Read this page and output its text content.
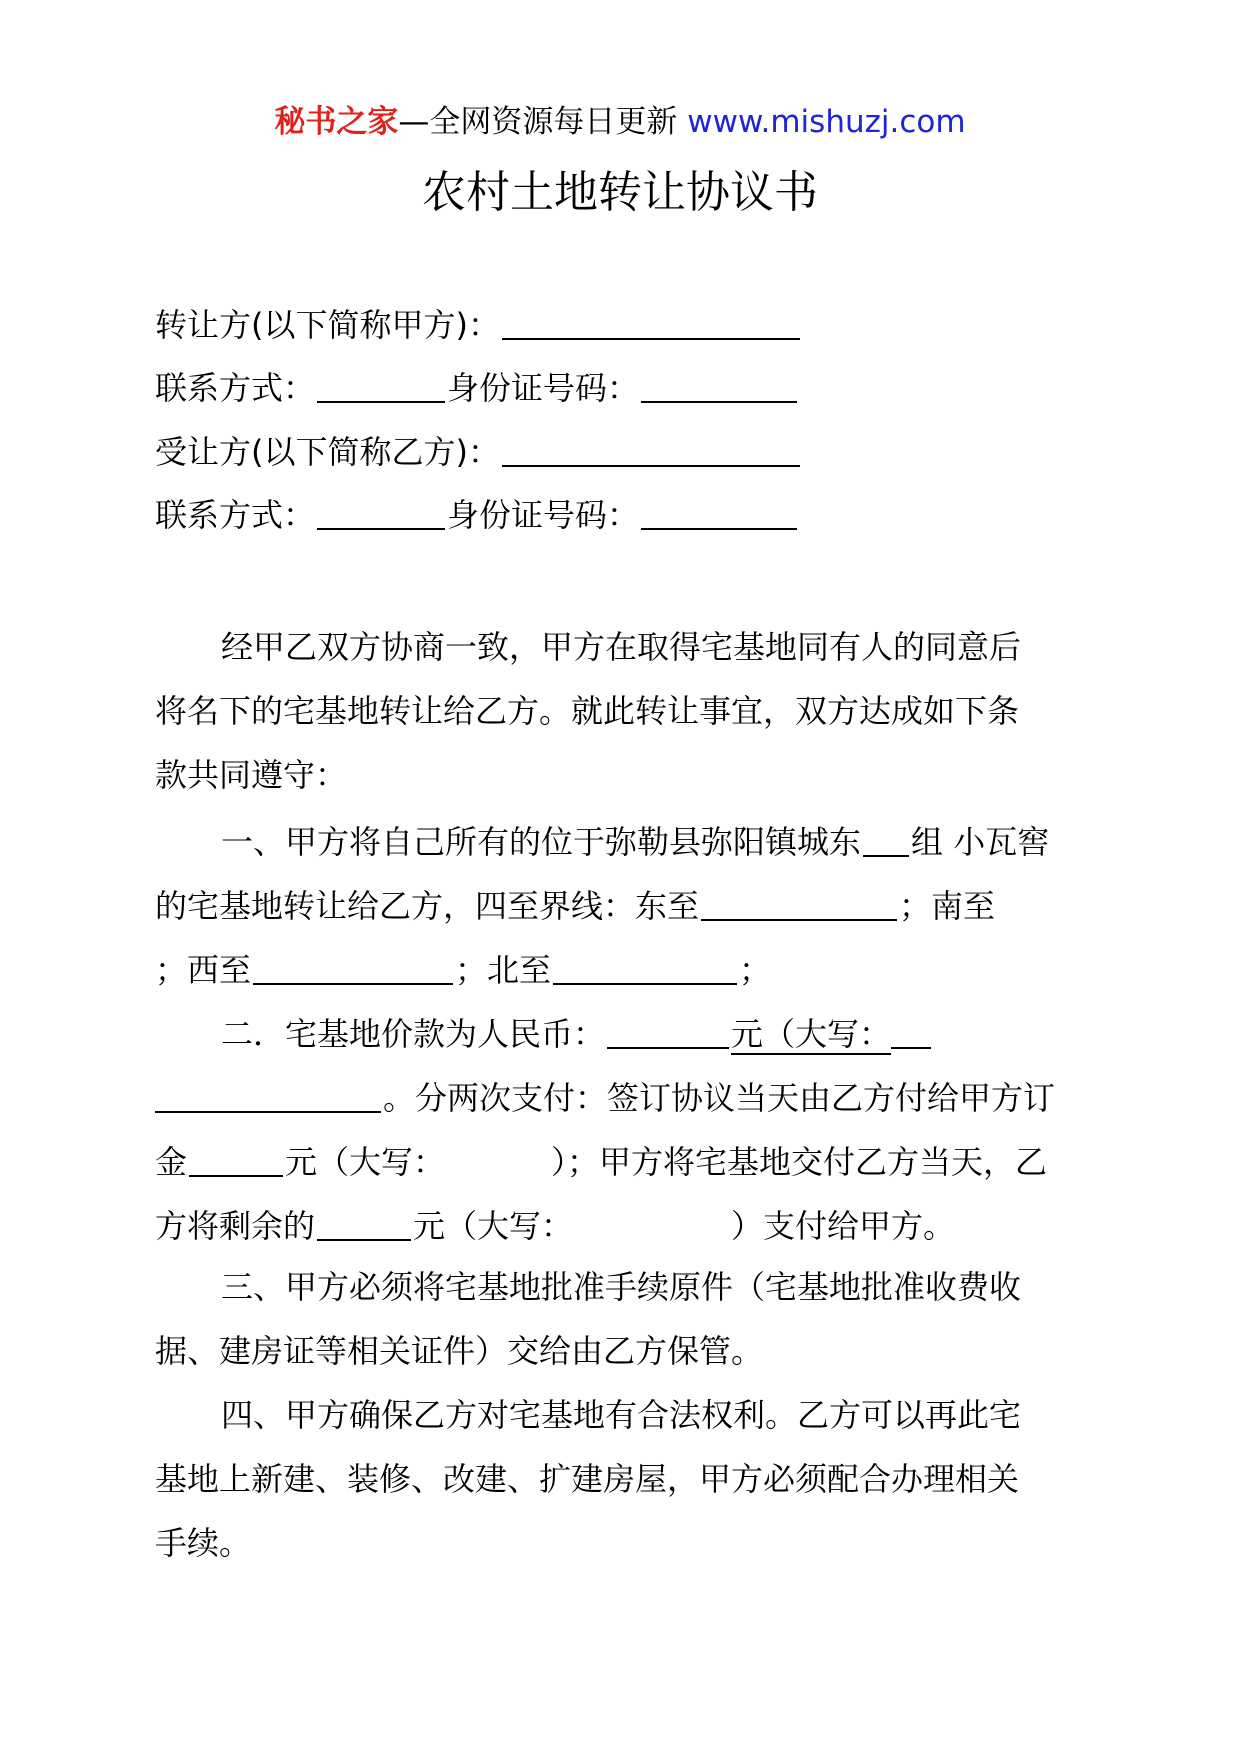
秘书之家—全网资源每日更新 www.mishuzj.com
农村土地转让协议书
转让方(以下简称甲方)：
联系方式：	身份证号码：
受让方(以下简称乙方)：
联系方式：	身份证号码：
经甲乙双方协商一致，甲方在取得宅基地同有人的同意后
将名下的宅基地转让给乙方。就此转让事宜，双方达成如下条
款共同遵守：
一、甲方将自己所有的位于弥勒县弥阳镇城东 组 小瓦窖
的宅基地转让给乙方，四至界线：东至	；南至
；西至	；北至	；
二．宅基地价款为人民币：	元（大写：
。分两次支付：签订协议当天由乙方付给甲方订
金	元（大写：	）；甲方将宅基地交付乙方当天，乙
方将剩余的	元（大写：	）支付给甲方。
三、甲方必须将宅基地批准手续原件（宅基地批准收费收
据、建房证等相关证件）交给由乙方保管。
四、甲方确保乙方对宅基地有合法权利。乙方可以再此宅
基地上新建、装修、改建、扩建房屋，甲方必须配合办理相关
手续。
